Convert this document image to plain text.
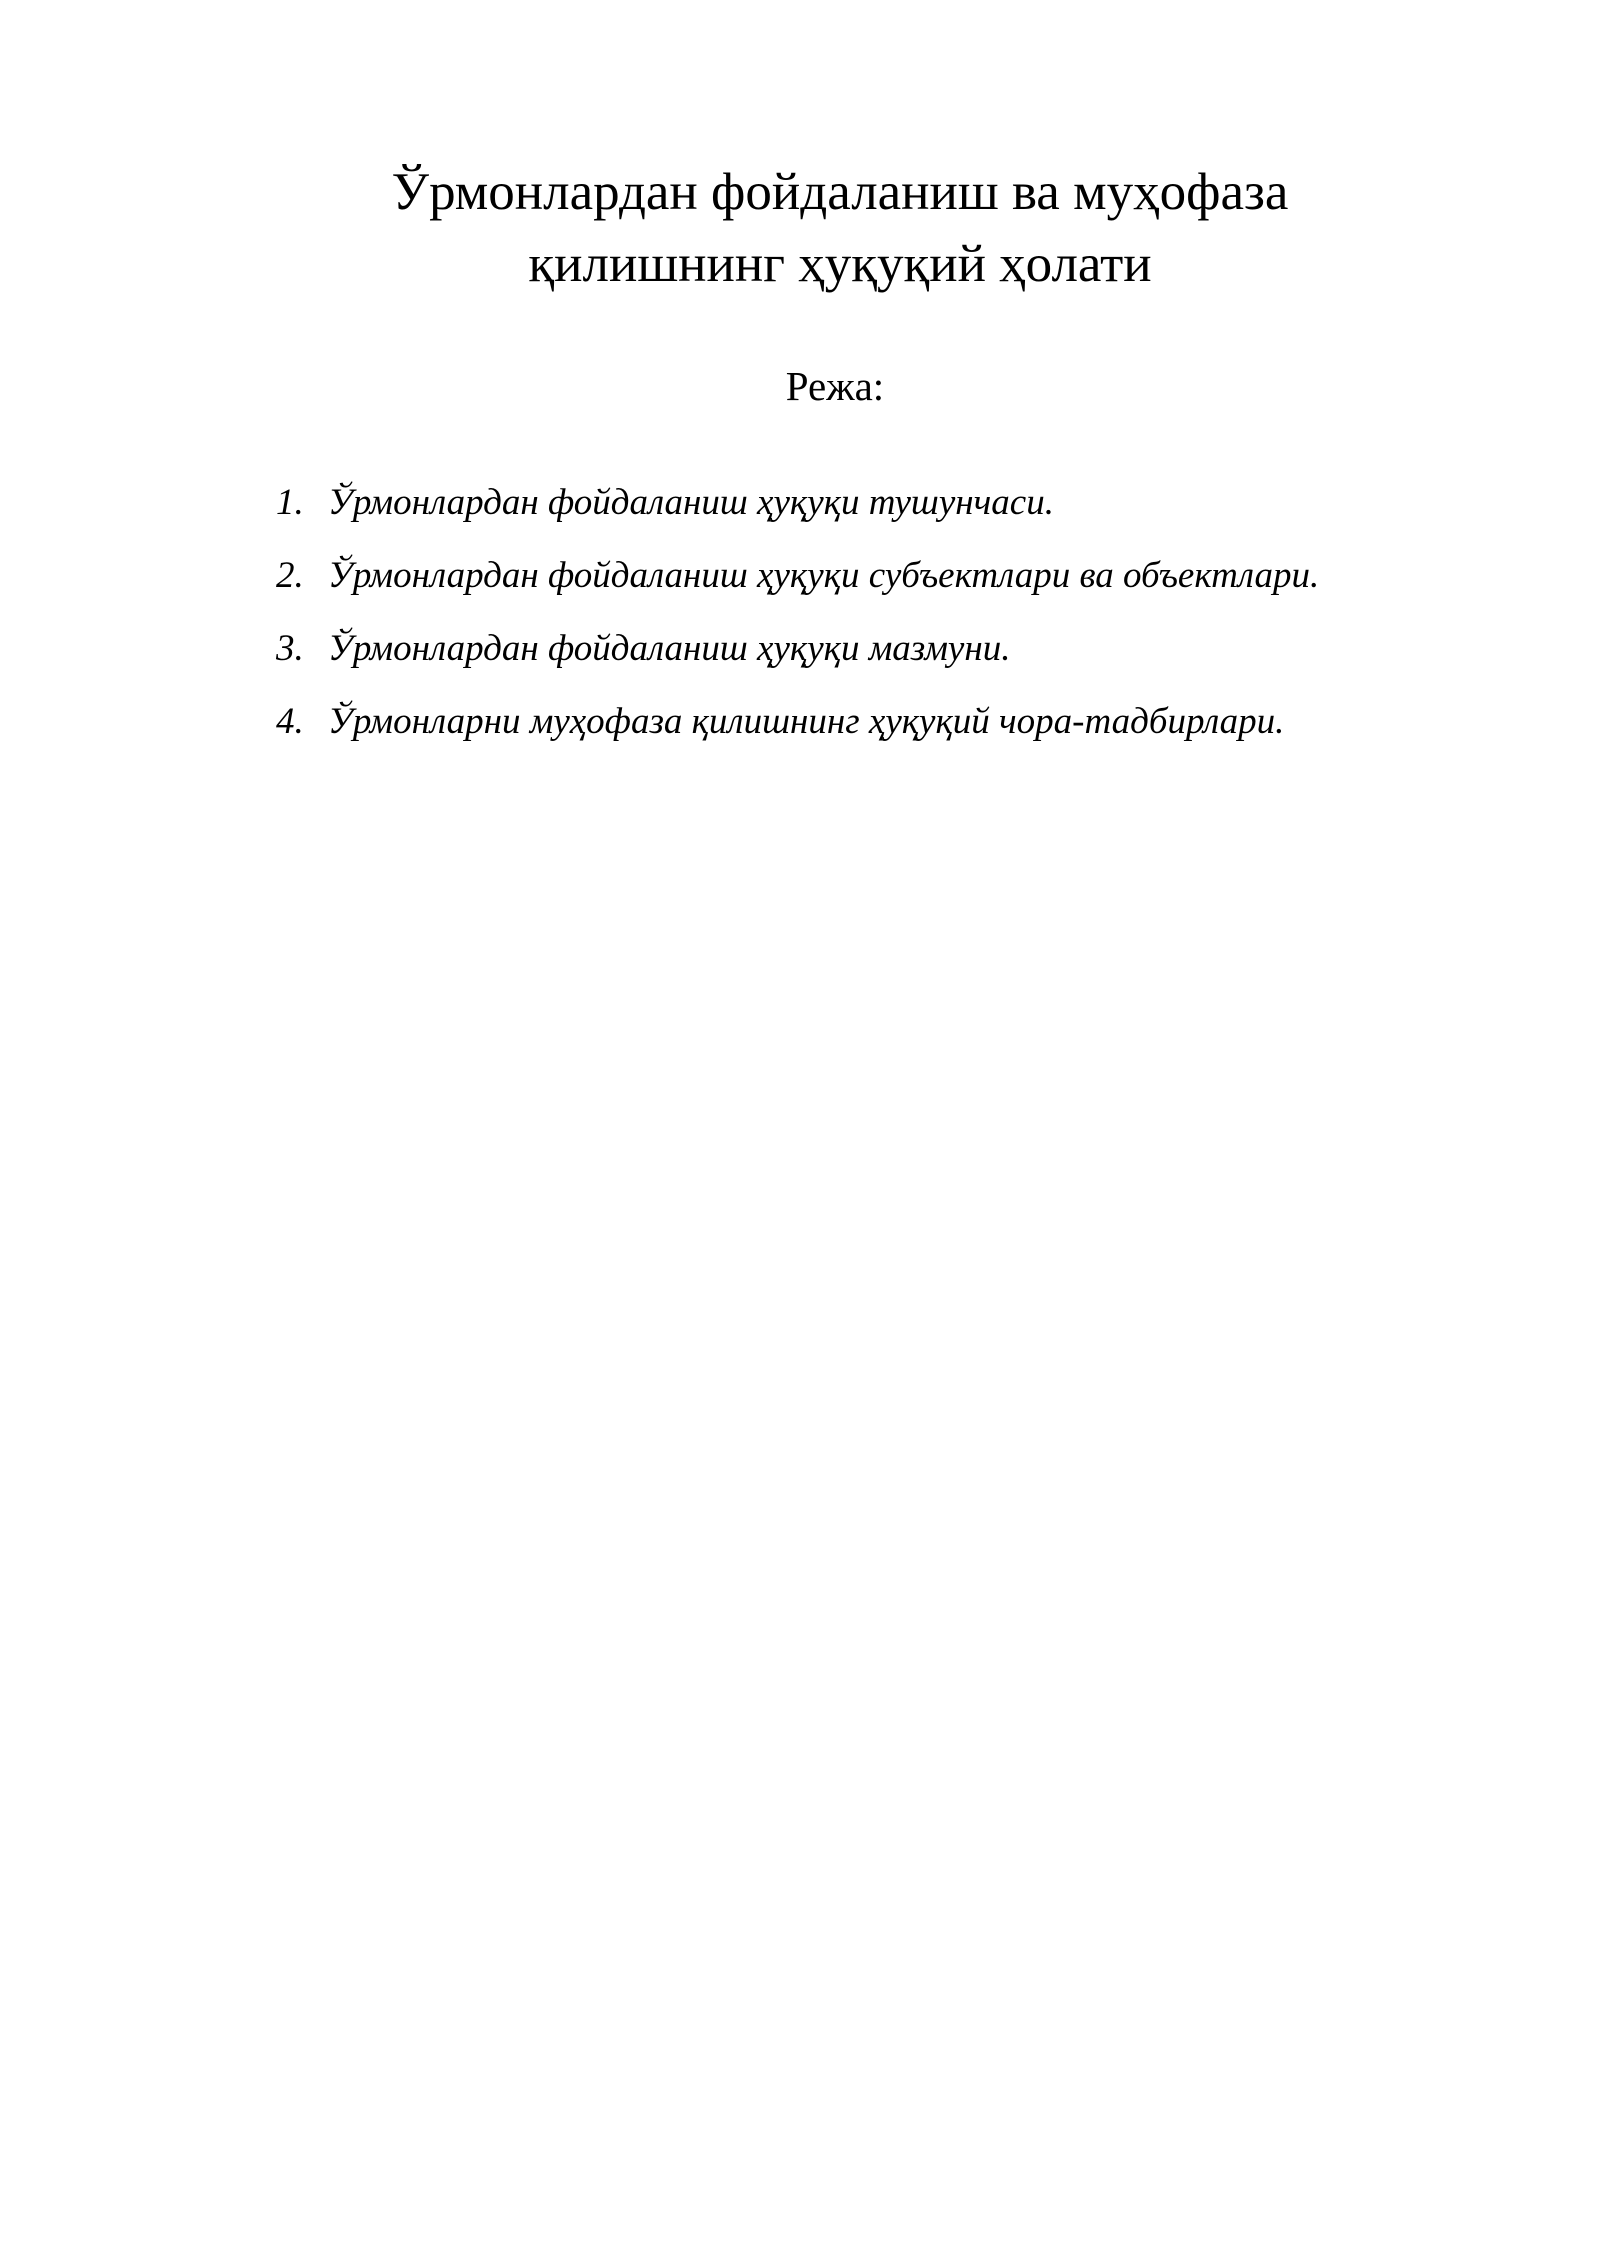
Ўрмонлардан фойдаланиш ва муҳофаза
қилишнинг ҳуқуқий ҳолати
Режа:
1. Ўрмонлардан фойдаланиш ҳуқуқи тушунчаси.
2. Ўрмонлардан фойдаланиш ҳуқуқи субъектлари ва объектлари.
3. Ўрмонлардан фойдаланиш ҳуқуқи мазмуни.
4. Ўрмонларни муҳофаза қилишнинг ҳуқуқий чора-тадбирлари.
